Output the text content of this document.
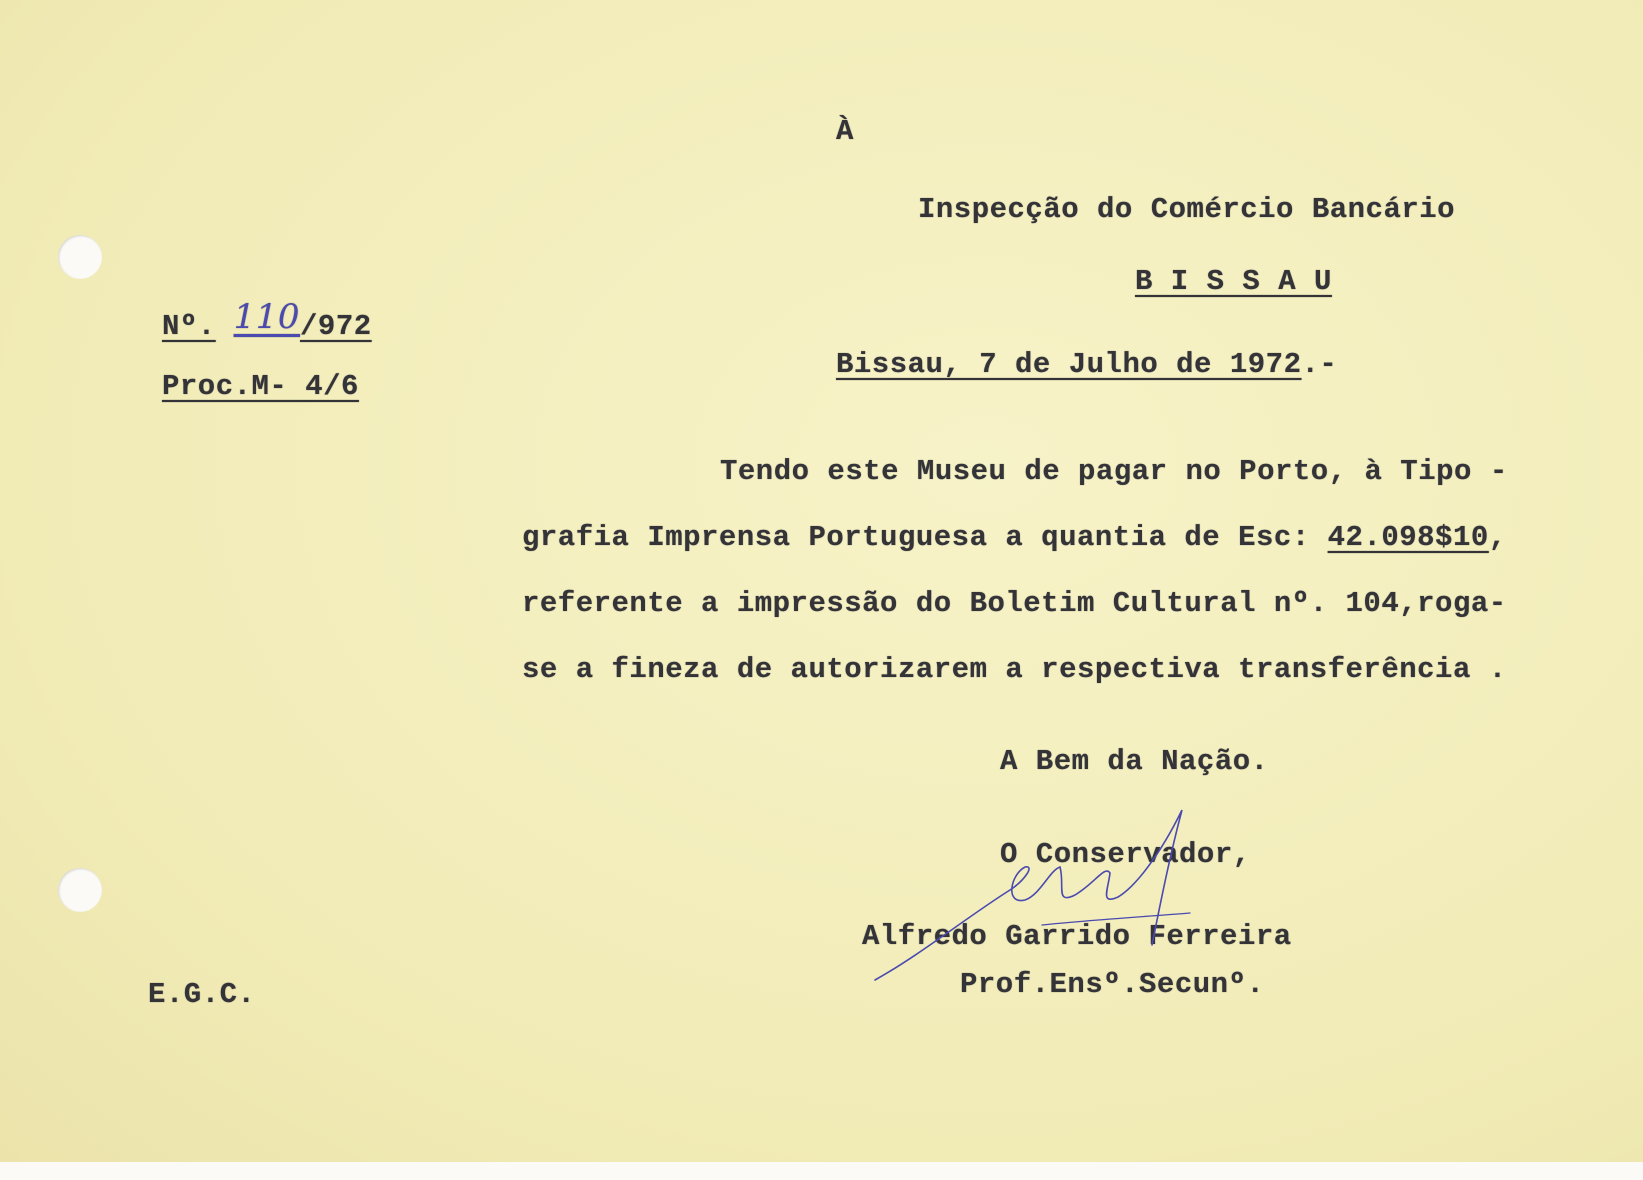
À
Inspecção do Comércio Bancário
B I S S A U
Nº. 110/972
Proc.M- 4/6
Bissau, 7 de Julho de 1972.-
Tendo este Museu de pagar no Porto, à Tipo -
grafia Imprensa Portuguesa a quantia de Esc: 42.098$10,
referente a impressão do Boletim Cultural nº. 104,roga-
se a fineza de autorizarem a respectiva transferência .
A Bem da Nação.
O Conservador,
Alfredo Garrido Ferreira
Prof.Ensº.Secunº.
E.G.C.
